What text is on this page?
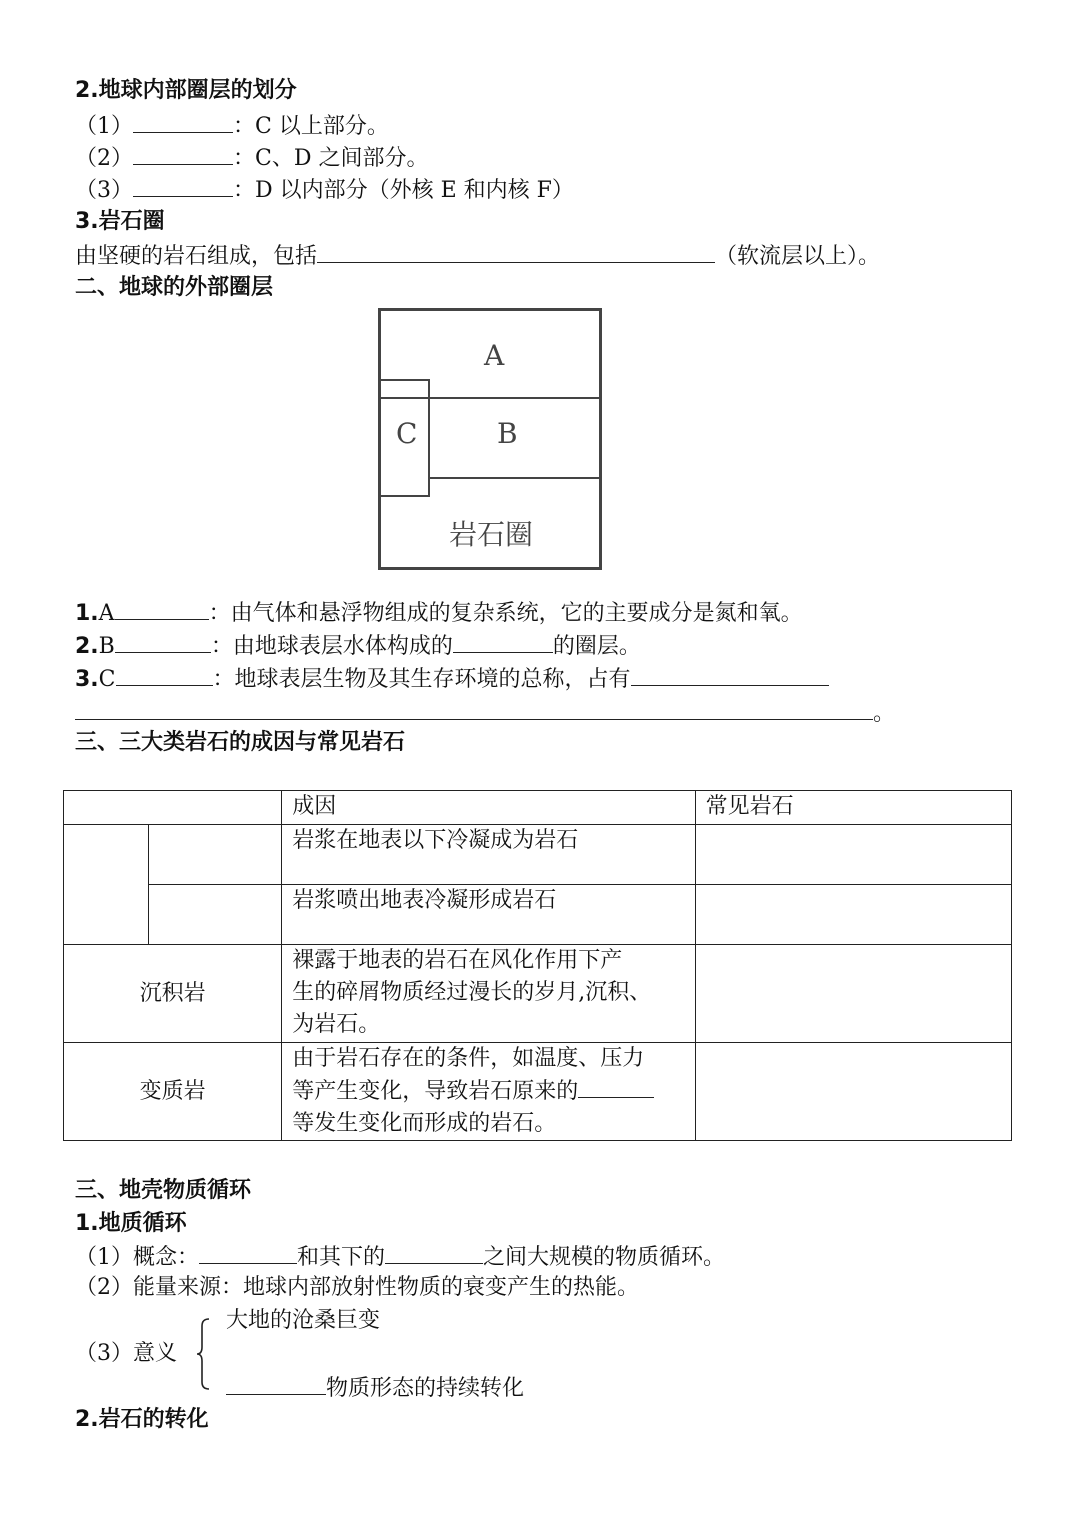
2.地球内部圈层的划分
（1）	：C 以上部分。
（2）	：C、D 之间部分。
（3）	：D 以内部分（外核 E 和内核 F）
3.岩石圈
由坚硬的岩石组成，包括	（软流层以上）。
二、地球的外部圈层
A
C	B
岩石圈
1.A	：由气体和悬浮物组成的复杂系统，它的主要成分是氮和氧。
2.B	：由地球表层水体构成的	的圈层。
3.C	：地球表层生物及其生存环境的总称，占有
。
三、三大类岩石的成因与常见岩石
		成因	常见岩石
		岩浆在地表以下冷凝成为岩石	
		岩浆喷出地表冷凝形成岩石	
沉积岩		裸露于地表的岩石在风化作用下产
生的碎屑物质经过漫长的岁月,沉积、
为岩石。	

变质岩		由于岩石存在的条件，如温度、压力
等产生变化，导致岩石原来的
等发生变化而形成的岩石。	

三、地壳物质循环
1.地质循环
（1）概念：	和其下的	之间大规模的物质循环。
（2）能量来源：地球内部放射性物质的衰变产生的热能。
（3）意义
大地的沧桑巨变
物质形态的持续转化
2.岩石的转化
